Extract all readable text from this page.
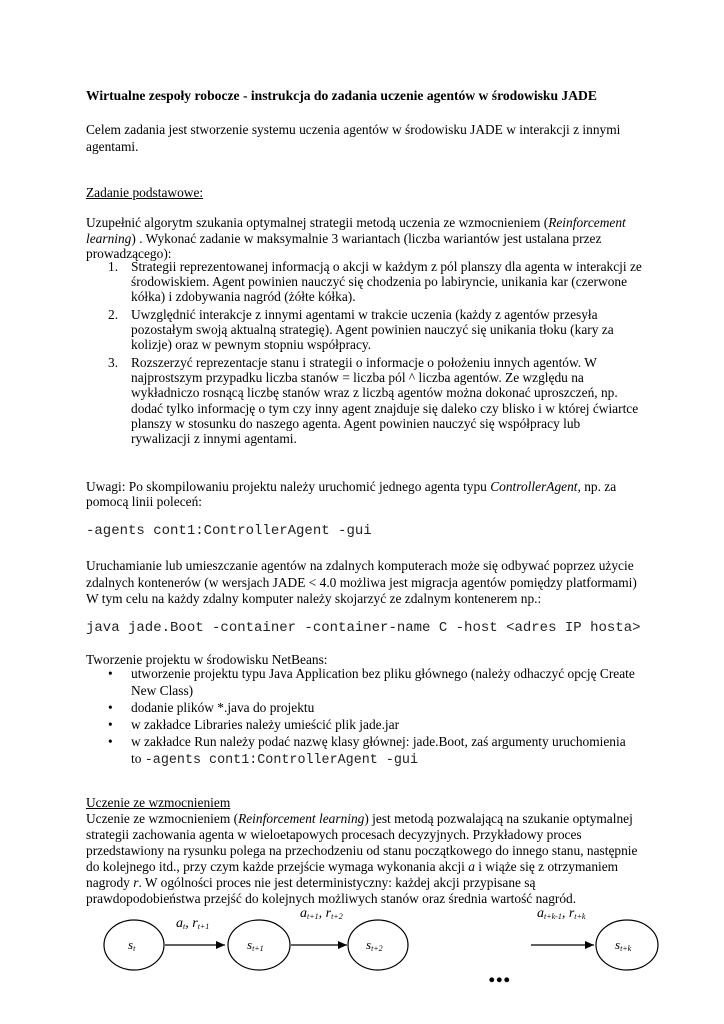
Wirtualne zespoły robocze - instrukcja do zadania uczenie agentów w środowisku JADE
Celem zadania jest stworzenie systemu uczenia agentów w środowisku JADE w interakcji z innymi
agentami.
Zadanie podstawowe:
Uzupełnić algorytm szukania optymalnej strategii metodą uczenia ze wzmocnieniem (Reinforcement
learning) . Wykonać zadanie w maksymalnie 3 wariantach (liczba wariantów jest ustalana przez
prowadzącego):
1. Strategii reprezentowanej informacją o akcji w każdym z pól planszy dla agenta w interakcji ze środowiskiem. Agent powinien nauczyć się chodzenia po labiryncie, unikania kar (czerwone kółka) i zdobywania nagród (żółte kółka).
2. Uwzględnić interakcje z innymi agentami w trakcie uczenia (każdy z agentów przesyła pozostałym swoją aktualną strategię). Agent powinien nauczyć się unikania tłoku (kary za kolizje) oraz w pewnym stopniu współpracy.
3. Rozszerzyć reprezentacje stanu i strategii o informacje o położeniu innych agentów. W najprostszym przypadku liczba stanów = liczba pól ^ liczba agentów. Ze względu na wykładniczo rosnącą liczbę stanów wraz z liczbą agentów można dokonać uproszczeń, np. dodać tylko informację o tym czy inny agent znajduje się daleko czy blisko i w której ćwiartce planszy w stosunku do naszego agenta. Agent powinien nauczyć się współpracy lub rywalizacji z innymi agentami.
Uwagi: Po skompilowaniu projektu należy uruchomić jednego agenta typu ControllerAgent, np. za
pomocą linii poleceń:
-agents cont1:ControllerAgent -gui
Uruchamianie lub umieszczanie agentów na zdalnych komputerach może się odbywać poprzez użycie
zdalnych kontenerów (w wersjach JADE < 4.0 możliwa jest migracja agentów pomiędzy platformami)
W tym celu na każdy zdalny komputer należy skojarzyć ze zdalnym kontenerem np.:
java jade.Boot -container -container-name C -host <adres IP hosta>
Tworzenie projektu w środowisku NetBeans:
• utworzenie projektu typu Java Application bez pliku głównego (należy odhaczyć opcję Create
New Class)
• dodanie plików *.java do projektu
• w zakładce Libraries należy umieścić plik jade.jar
• w zakładce Run należy podać nazwę klasy głównej: jade.Boot, zaś argumenty uruchomienia
to -agents cont1:ControllerAgent -gui
Uczenie ze wzmocnieniem
Uczenie ze wzmocnieniem (Reinforcement learning) jest metodą pozwalającą na szukanie optymalnej
strategii zachowania agenta w wieloetapowych procesach decyzyjnych. Przykładowy proces
przedstawiony na rysunku polega na przechodzeniu od stanu początkowego do innego stanu, następnie
do kolejnego itd., przy czym każde przejście wymaga wykonania akcji a i wiąże się z otrzymaniem
nagrody r. W ogólności proces nie jest deterministyczny: każdej akcji przypisane są
prawdopodobieństwa przejść do kolejnych możliwych stanów oraz średnia wartość nagród.
st	st+1	st+2	st+k
at, rt+1
at+1, rt+2	at+k-1, rt+k
...
